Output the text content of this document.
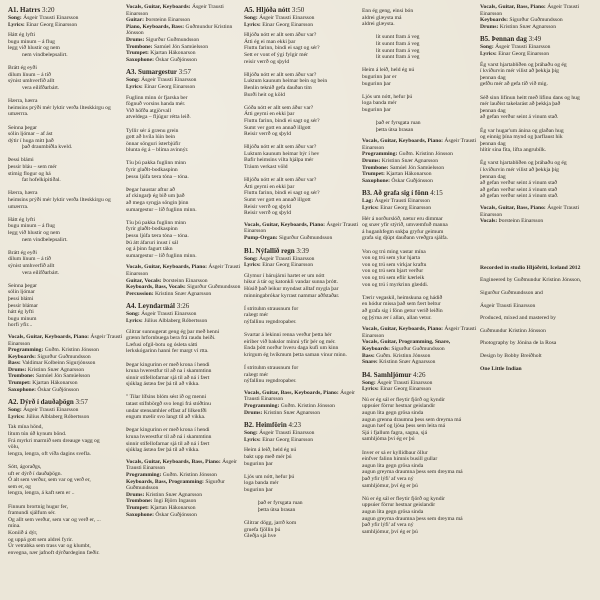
A1. Hatrrs 3:20
Song: Ásgeir Trausti Einarsson
Lyrics: Einar Georg Einarsson
Hátt ég lyfti
bugu minum – á flug
legg við hlustir og nem
nem vindbelepsalirt.
Brátt ég eyði
dilum línum – á tíð
sýnist umhverfið allt
vera eilífðarbárt.
Hærra, hærra
heimsins prýði mér lyktir verða llteskkirgu og
umærrra.
Seinna þegar
sólin ljómar – af ást
dýtir í huga mitt það
það draumbiðla kveld.
Þessi blámi
þessir bláu – sem mér
stimig flogur og há
fat hofelkipitiðal.
Hærra, hærra
heimsins prýði mér lyktir verða llteskkirgu og
umærrra.
Hátt ég lyfti
bugu minum – á flug
legg við hlustir og nem
nem vindbelepsalirt.
Brátt ég eyði
dilum línum – á tíð
sýnist umhverfið allt
vera eilífðarbárt.
Seinna þegar
sólin ljómar
þessi blámi
þessir blámar
hátt ég lyfti
bugu minum
horfi yfir...
Vocals, Guitar, Keyboards, Piano: Ásgeir Trausti Einarsson
Programming: Guðm. Kristinn Jónsson
Keyboards: Sigurður Guðmundsson
Bass: Valdimar Kolbeinn Sigurjónsson
Drums: Kristinn Snær Agnarsson
Trombone: Samúel Jón Samúelsson
Trumpet: Kjartan Hákonarson
Saxophone: Óskar Guðjónsson
A2. Dýrð í dauðaþögn 3:57
Song: Ásgeir Trausti Einarsson
Lyrics: Júlíus Alblaberg Róbertsson
Tak mína hönd,
lítum tún úð kynum bönd.
Frá myrkri marmið sem dreauge vagg og
völu,
lengra, lengra, oft víða dagins svefla.
Sótt, ágoraðgs,
uft er dýrð í dauðaþögn.
Ó alt sem verður, sem var og verð er,
sem er, og
lengra, lengra, á kaft sem er ..
Finnum brortnig hugur fer,
framundi sjálfum sér.
Og allt sem verður, sem var og verð er, ...
mína.
Koniið á dýr,
og uppá gott sem aldrei fyrir.
Úr vetrabka sem trass var og klumbt,
envegna, nær jafnoft dýrðardeginn fæðir.
Vocals, Guitar, Keyboards: Ásgeir Trausti Einarsson
Guitar: Þorsteinn Einarsson
Piano, Keyboards, Bass: Guðmundur Kristinn Jónsson
Drums: Sigurður Guðmundsson
Trombone: Samúel Jón Samúelsson
Trumpet: Kjartan Hákonarson
Saxophone: Óskar Guðjónsson
A3. Sumargestur 3:57
Song: Ásgeir Trausti Einarsson
Lyrics: Einar Georg Einarsson
Fuglinn minn ór fjarska ber
fögnuð vorsins handa mér.
Við höfða atgjörvall
atveldega – fljúgur rétta leið.
Tyllir sér á grænu grein
gott að hvíla lúin bein
önnar sönguri ísterbjúfir
blunta ég á – blíma avinnýr.
Tíu þú pakka fuglinn minn
fyrir glaðlt-bodkaspinn
þessu ljúfa tæra tóna – tóna.
Þegar haustar aftur að
af ckingarþ ég bið um það
að mega syngja söngin þinn
sumargestur – líð fuglinn minn.
Tíu þú pakka fuglinn minn
fyrir glaðlt-bodkaspinn
þessu ljúfa tæra tóna – tóna.
Þú átt áfaruri inust í sál
og á þinn fagurt tákn
sumargestur – líð fuglinn minn.
Vocals, Guitar, Keyboards, Piano: Ásgeir Trausti Einarsson
Guitar, Vocals: Þorsteinn Einarsson
Keyboards, Bass, Vocals: Sigurður Guðmundsson
Percussion: Kristinn Snær Agnarsson
A4. Leyndarmál 3:26
Song: Ásgeir Trausti Einarsson
Lyrics: Júlíus Alblaberg Róbertsson
Glitrar sunnugerat geng ég þar með henni
grænn hrfornbuega bera frá raudu heiði.
Læfusi ofgil-botu og ósleta sátti
lerkskógarinn hanni fer margt ví rtta.
Þegar kingurinn er með krona í hendi
kruna hverestfur til að na í skammtinn
sinnir stífellofarnar sjá til að ná í fært
sjúklag ástæa fær þá til að vikka.
" Tilar lífsins blóm sést ið og menni
tatast stífnbörgð svo lengi frá stóðtinu
undar stensamhler effast af lilkenfði
engum mælir svo langt til að vikka.
Þegar kingurinn er með krona í hendi
kruna hverestfur til að ná í skammtinn
sinnir stífellofarnar sjá til að ná í fært
sjúklag ástæa fær þá til að vikka.
Vocals, Guitar, Keyboards, Bass, Piano: Ásgeir Trausti Einarsson
Programming: Guðm. Kristinn Jónsson
Keyboards, Bass, Programming: Sigurður Guðmundsson
Drums: Kristinn Snær Agnarsson
Trombone: Ingi Björn Ingason
Trumpet: Kjartan Hákonarson
Saxophone: Óskar Guðjónsson
A5. Hljóða nótt 3:50
Song: Ásgeir Trausti Einarsson
Lyrics: Einar Georg Einarsson
Hljóða nótt er allt sem áður var?
Átti ég ei man ekki þar
Fluttu farinn, bindi ei sagt og sér?
Sett er vont ef ýgi fylgir mér
reisir verrð og sþyld
Hljóða nótt er allt sem áður var?
Luktum kaunum heimar bein og bein
Benlin teknið gefa dauðan tím
Burði heit og köld
Góða nótt er allt sem áður var?
Átti geymi en ekki þar
Fluttu farinn, bindi ei sagt og sér?
Sumt ver gott en annað illgott
Reisir verrð og sþyld
Hljóða nótt er allt sem áður var?
Luktum kaunum heimar býr í hev
Bafir heimsins vilta hjálpa mér
Tráum verkast völd
Hljóða nótt er allt sem áður var?
Átti geymi en ekki þar
Fluttu farinn, bindi ei sagt og sér?
Sumt ver gott en annað illgott
Reisir verrð og sþyld
Reisir verrð og sþyld
Vocals, Guitar, Keyboards, Piano: Ásgeir Trausti Einarsson
Pump-Organ: Sigurður Guðmundsson
B1. Nýfallið regn 3:39
Song: Ásgeir Trausti Einarsson
Lyrics: Einar Georg Einarsson
Glymur í bárujárni hartet er um nótt
hikur á tár og katonkli vandar sunna þrótt.
Húsið það leikur myndast alltaf mygla þar
minningabrókar kyrrast nammar aðfstaðar.
Í strituhm strausnum for
ralægt mér
nýfallinu regndropaber.
Svartar á lekinni renna verður þetta hér
eiriber við bakslor mínni yfir þér og mér.
Enda þótt norður hveru daga kufi um kinn
krirgum ég hvíkmum þetta saman vinur minn.
Í strituhm strausnum for
ralægt mér
nýfallinu regndropaber.
Vocals, Guitar, Bass, Keyboards, Piano: Ásgeir Trausti Einarsson
Programming: Guðm. Kristinn Jónsson
Drums: Kristinn Snær Agnarsson
B2. Heimförin 4:23
Song: Ásgeir Trausti Einarsson
Lyrics: Einar Georg Einarsson
Heim á leið, held ég nú
bakt upp með mér þú
bugurinn þar
Ljós um nótt, hefur þú
loga banda mér
bugurinn þar
það er fyrsgata ruan
þetta útsa brasan
Glitrar dögg, jarrð kom
gruefa fjöllin þú
Gleðja sjá hve
Enn ég geng, einsi bón
aldrei glæysta má
aldrei glæysta.
lít sunnt fram á veg
lít sunnt fram á veg
lít sunnt fram á veg
lít sunnt fram á veg
Heim á leið, held ég nú
bugurinn þar er
bugurinn þar
Ljós um nótt, hefur þú
loga banda mér
bugurinn þar
það er fyrsgata ruan
þetta útsa brasan
Vocals, Guitar, Keyboards, Piano: Ásgeir Trausti Einarsson
Programming: Guðm. Kristinn Jónsson
Drums: Kristinn Snær Agnarsson
Trombone: Samúel Jón Samúelsson
Trumpet: Kjartan Hákonarson
Saxophone: Óskar Guðjónsson
B3. Að grafa sig í fönn 4:15
Lag: Ásgeir Trausti Einarsson
Lyrics: Einar Georg Einarsson
Hér á norðurslóð, nætur eru dimmar
og snær yfir stýrið, umvæmfuð manna
á huganhfegm snkþa gryfur geimum
grafa sig djúpt dauðann vreðgra sjálfa.
Von og trú ming vastar mína
von og trú sem ylur hjarta
von og trú sem virkjar kraftu
von og trú sem bjart verður
von og trú sem eflir kærleik
von og trú í myrkrinn glæddi.
Tærir vegaskil, heimskuna og hádið
en hódur missa það sem fært beltur
að grafa sig í fönn getur verið leiðin
og þýrna ær í allan, allan vetur.
Vocals, Guitar, Keyboards, Piano: Ásgeir Trausti Einarsson
Vocals, Guitar, Programming, Snare,
Keyboards: Sigurður Guðmundsson
Bass: Guðm. Kristinn Jónsson
Snare: Kristinn Snær Agnarsson
B4. Samhljómur 4:26
Song: Ásgeir Trausti Einarsson
Lyrics: Einar Georg Einarsson
Nú er ég sál er fleytir fjörð og kyndir
uppsúer förrur hestnar geislandir
augun líta gegn grösa sinda
augun grenna draumna þess sem dreyma má
augun hæf og ljósa þess sem leita má
Sjá i fjallum fagra, sagna, sjá
samhljóma þvi ég er þú
Inver er sá er kyllidbaur öllur
einfver falinn himnis busill gullar
augun líta gegn grösa sinda
augun greyma draumna þess sem dreyma má
það yfir lýfi' af vera ný
samhljómur, því ég er þú
Nú er ég sál er fleytir fjörð og kyndir
uppsúer förrur hestnar geislandir
augun líta gegn grösa sinda
augun greyma draumna þess sem dreyma má
það yfir lýfi' af vera ný
samhljómur, því ég er þú
Vocals, Guitar, Bass, Piano: Ásgeir Trausti Einarsson
Keyboards: Sigurður Guðmundsson
Drums: Kristinn Snær Agnarsson
B5. Þennan dag 3:49
Song: Ásgeir Trausti Einarsson
Lyrics: Einar Georg Einarsson
Ég varst hjartablíðen og þráhaðu og ég
í kviðurvin mér vilist að þekkja þig
þennan dag
gefðu mér að gefa tíð við mig.
Séð sinn lifinun heitt með lífinu dans og hug
mér lauðist takelarást að þekkja það
þennan dag
að gefan verður seint á vinum stað.
Ég var hugar'um ánina og glaðan hug
og einnig þína mynd og þarflaust hik
þennan dag
hlítir sína fíta, lífta angrubílk.
Ég varst hjartablíðen og þráhaðu og ég
í kviðurvin mér vilist að þekkja þig
þennan dag
að gefan verður seint á vinum stað
að gefan verður seint á vinum stað
að gefan verður seint á vinum stað.
Vocals, Guitar, Bass, Piano: Ásgeir Trausti Einarsson
Vocals: Þorsteinn Einarsson

Recorded in studio Hljóðriti, Iceland 2012

Engineered by Guðmundur Kristinn Jónsson,

Sigurður Guðmundsson and

Ásgeir Trausti Einarsson

Produced, mixed and mastered by

Guðmundur Kristinn Jónsson

Photography by Jónína de la Rosa

Design by Bobby Breiðholt

One Little Indian
